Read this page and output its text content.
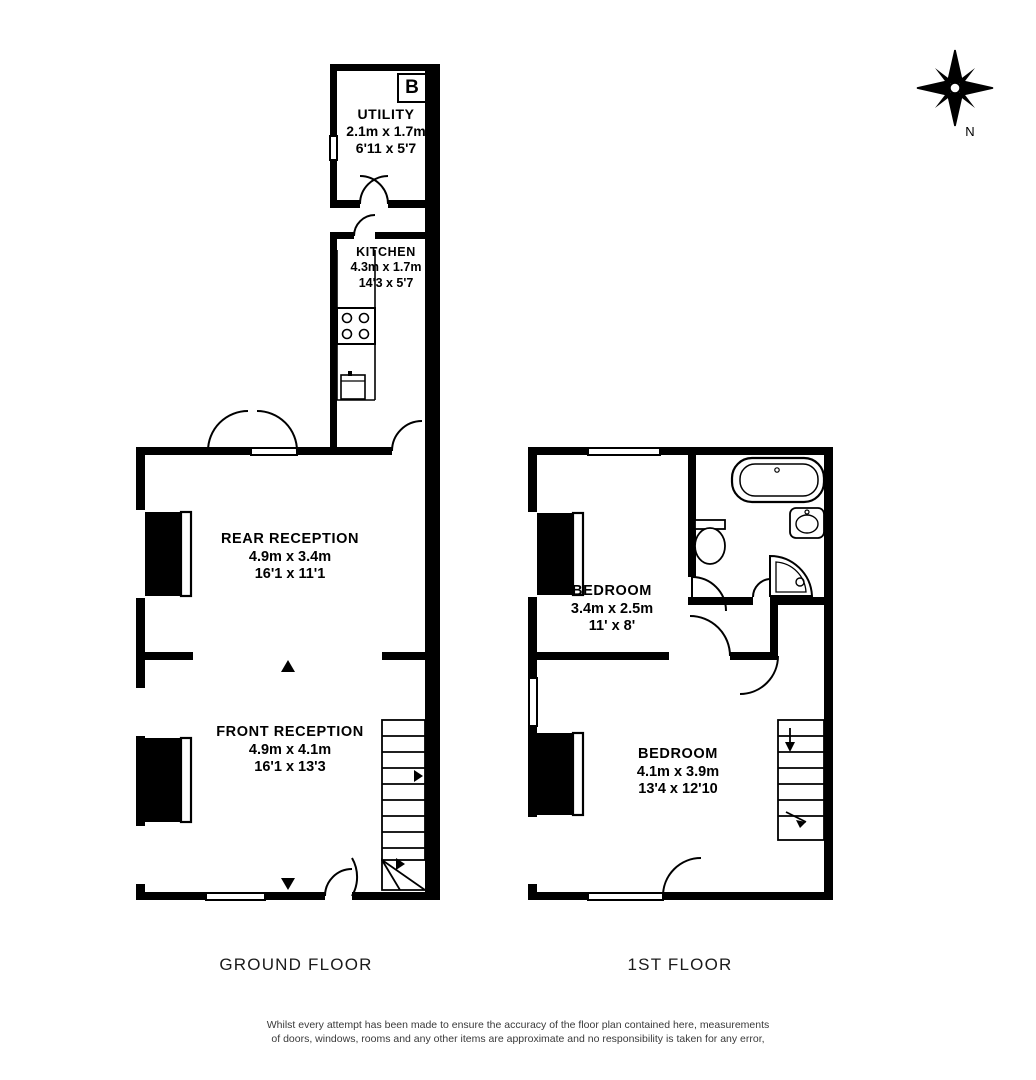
B
UTILITY
2.1m x 1.7m
6'11 x 5'7
KITCHEN
4.3m x 1.7m
14'3 x 5'7
REAR RECEPTION
4.9m x 3.4m
16'1 x 11'1
FRONT RECEPTION
4.9m x 4.1m
16'1 x 13'3
BEDROOM
3.4m x 2.5m
11' x 8'
BEDROOM
4.1m x 3.9m
13'4 x 12'10
N
GROUND FLOOR	1ST FLOOR
Whilst every attempt has been made to ensure the accuracy of the floor plan contained here, measurements
of doors, windows, rooms and any other items are approximate and no responsibility is taken for any error,
